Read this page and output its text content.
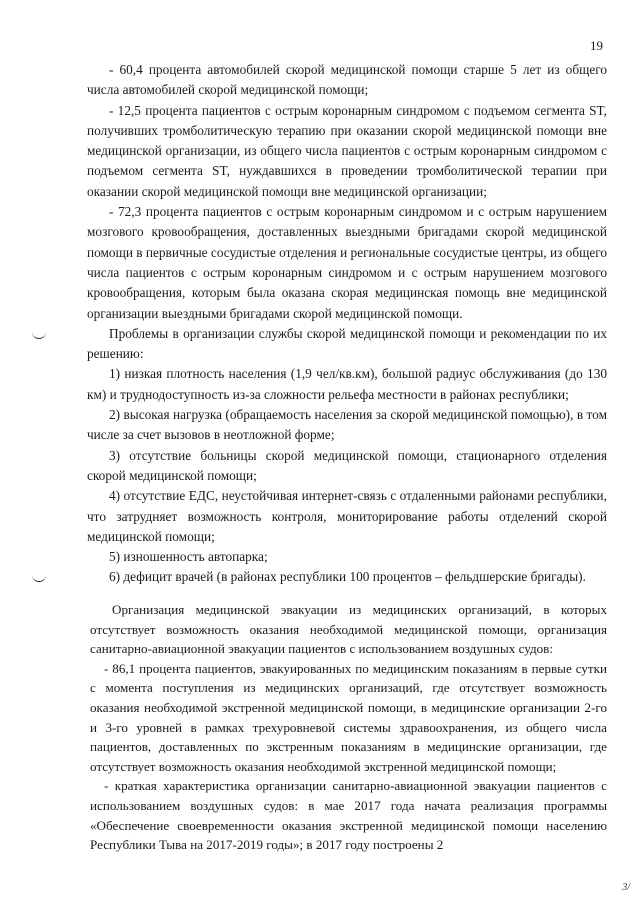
19

- 60,4 процента автомобилей скорой медицинской помощи старше 5 лет из общего числа автомобилей скорой медицинской помощи;

- 12,5 процента пациентов с острым коронарным синдромом с подъемом сегмента ST, получивших тромболитическую терапию при оказании скорой медицинской помощи вне медицинской организации, из общего числа пациентов с острым коронарным синдромом с подъемом сегмента ST, нуждавшихся в проведении тромболитической терапии при оказании скорой медицинской помощи вне медицинской организации;

- 72,3 процента пациентов с острым коронарным синдромом и с острым нарушением мозгового кровообращения, доставленных выездными бригадами скорой медицинской помощи в первичные сосудистые отделения и региональные сосудистые центры, из общего числа пациентов с острым коронарным синдромом и с острым нарушением мозгового кровообращения, которым была оказана скорая медицинская помощь вне медицинской организации выездными бригадами скорой медицинской помощи.

Проблемы в организации службы скорой медицинской помощи и рекомендации по их решению:

1) низкая плотность населения (1,9 чел/кв.км), большой радиус обслуживания (до 130 км) и труднодоступность из-за сложности рельефа местности в районах республики;

2) высокая нагрузка (обращаемость населения за скорой медицинской помощью), в том числе за счет вызовов в неотложной форме;

3) отсутствие больницы скорой медицинской помощи, стационарного отделения скорой медицинской помощи;

4) отсутствие ЕДС, неустойчивая интернет-связь с отдаленными районами республики, что затрудняет возможность контроля, мониторирование работы отделений скорой медицинской помощи;

5) изношенность автопарка;

6) дефицит врачей (в районах республики 100 процентов – фельдшерские бригады).

Организация медицинской эвакуации из медицинских организаций, в которых отсутствует возможность оказания необходимой медицинской помощи, организация санитарно-авиационной эвакуации пациентов с использованием воздушных судов:

- 86,1 процента пациентов, эвакуированных по медицинским показаниям в первые сутки с момента поступления из медицинских организаций, где отсутствует возможность оказания необходимой экстренной медицинской помощи, в медицинские организации 2-го и 3-го уровней в рамках трехуровневой системы здравоохранения, из общего числа пациентов, доставленных по экстренным показаниям в медицинские организации, где отсутствует возможность оказания необходимой экстренной медицинской помощи;

- краткая характеристика организации санитарно-авиационной эвакуации пациентов с использованием воздушных судов: в мае 2017 года начата реализация программы «Обеспечение своевременности оказания экстренной медицинской помощи населению Республики Тыва на 2017-2019 годы»; в 2017 году построены 2

3/
